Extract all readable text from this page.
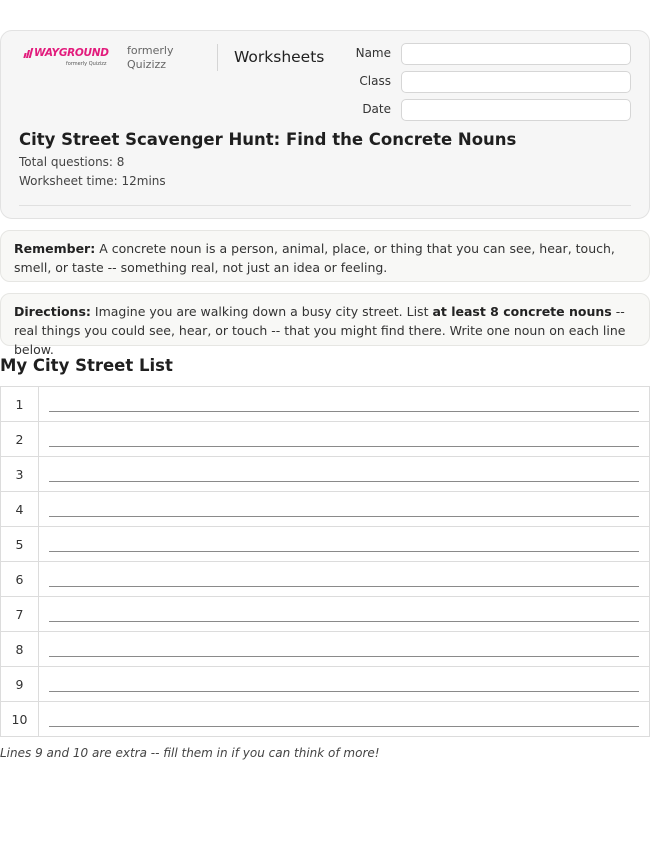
WAYGROUND
formerly Quizizz
formerly
Quizizz	Worksheets	Name
Class
Date
City Street Scavenger Hunt: Find the Concrete Nouns
Total questions: 8
Worksheet time: 12mins
Remember: A concrete noun is a person, animal, place, or thing that you can see, hear, touch, smell, or taste -- something real, not just an idea or feeling.
Directions: Imagine you are walking down a busy city street. List at least 8 concrete nouns -- real things you could see, hear, or touch -- that you might find there. Write one noun on each line below.
My City Street List
1	

2	

3	

4	

5	

6	

7	

8	

9	

10	
Lines 9 and 10 are extra -- fill them in if you can think of more!
